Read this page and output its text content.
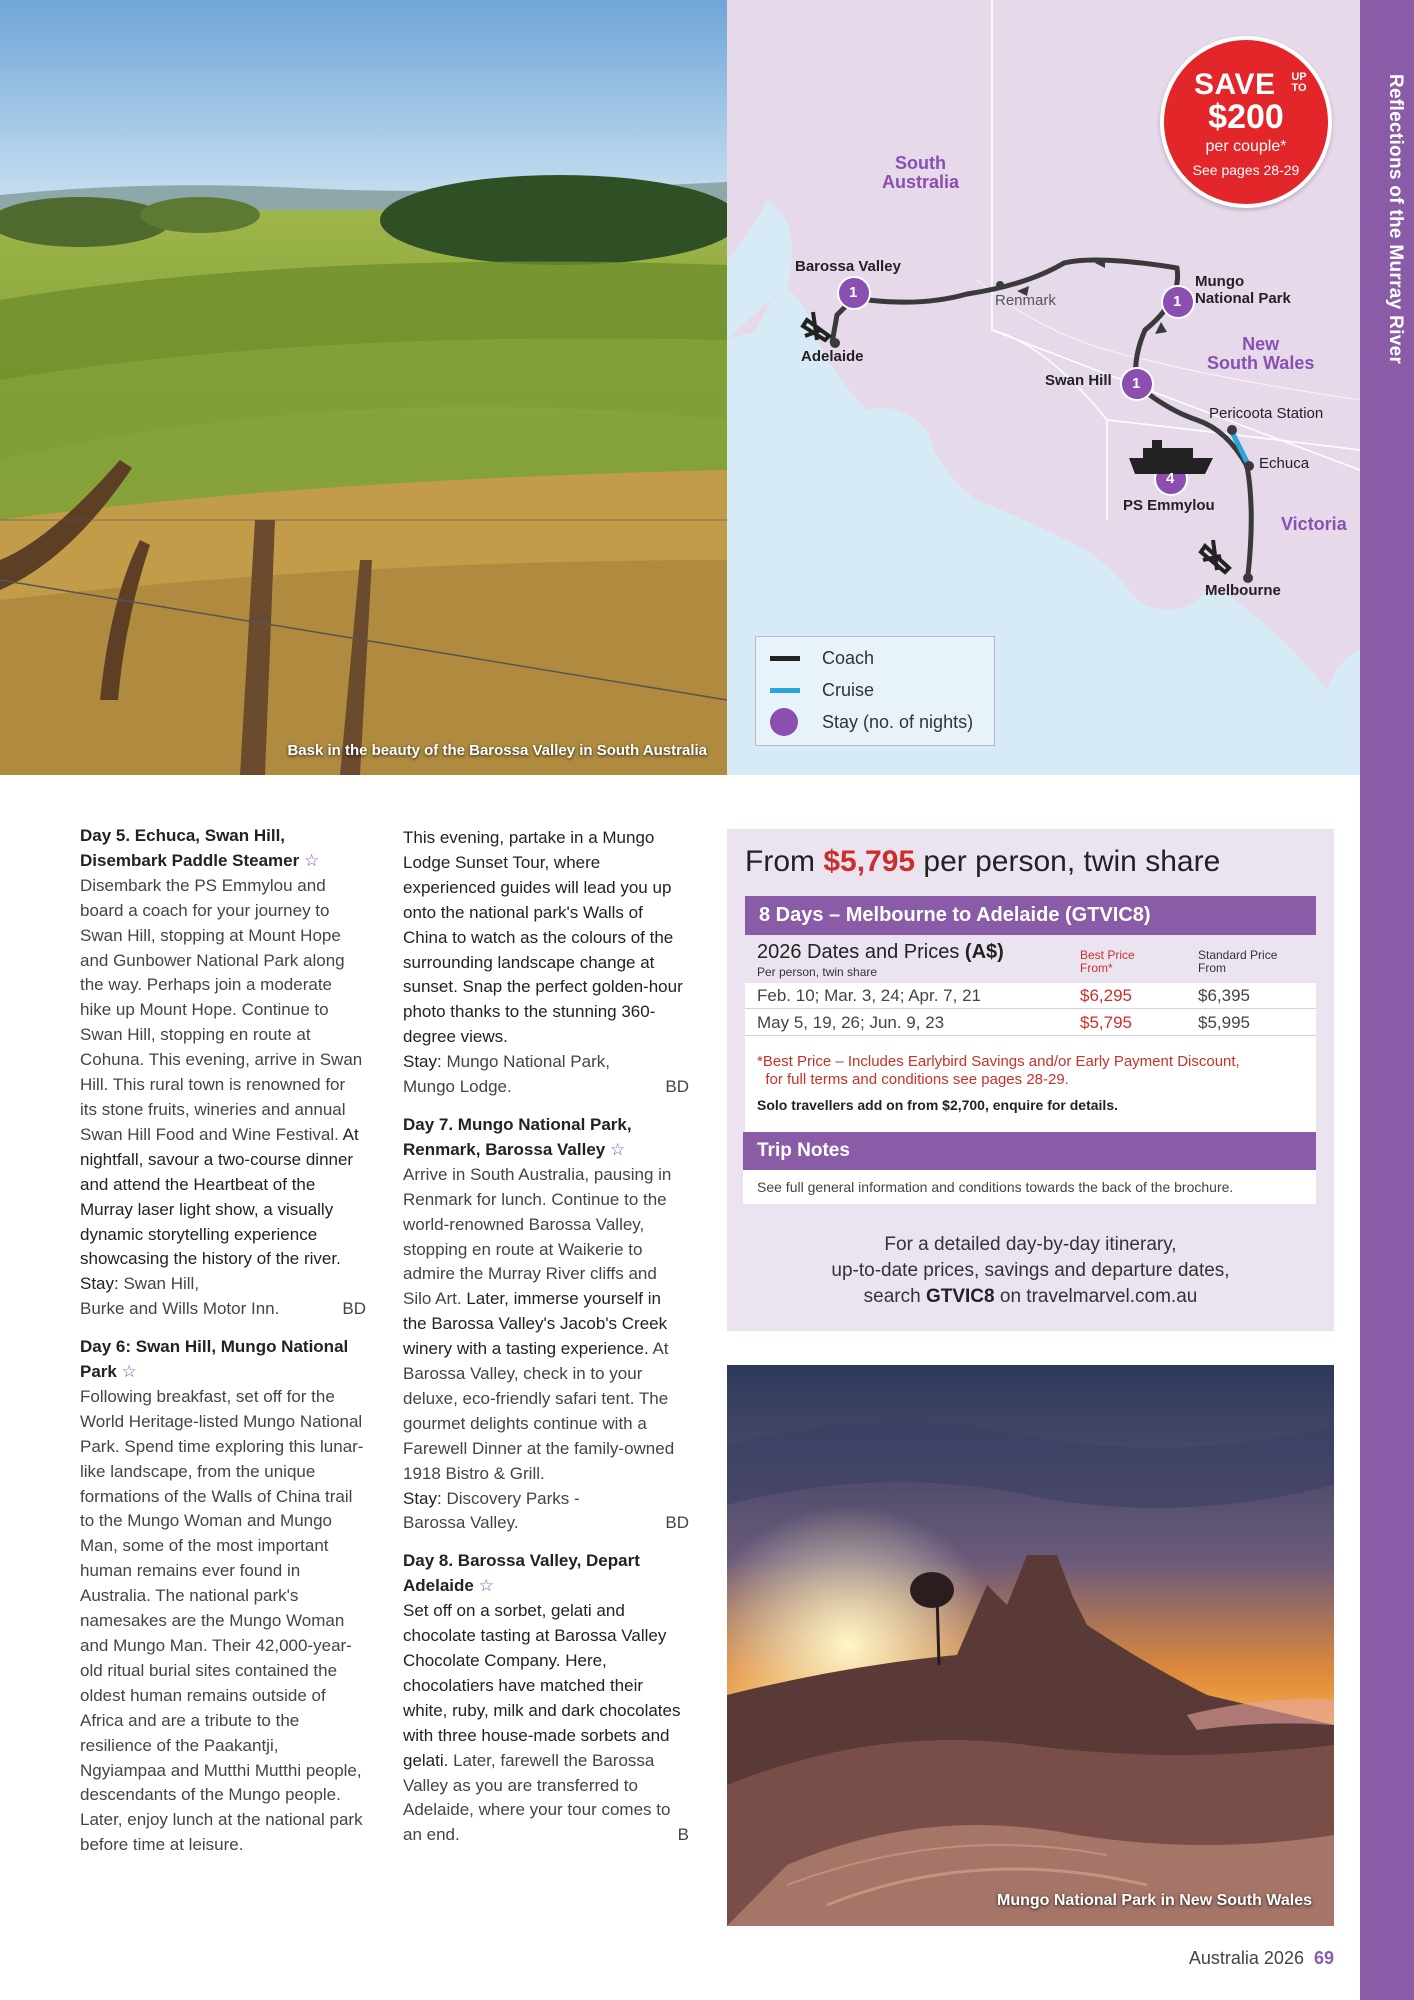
Bask in the beauty of the Barossa Valley in South Australia
South
Australia
New
South Wales
Victoria
Barossa Valley
Adelaide
Renmark
Mungo
National Park
Swan Hill
Pericoota Station
Echuca
PS Emmylou
Melbourne
1
1
1
4
SAVE UP TO
$200
per couple*
See pages 28-29
Coach
Cruise
Stay (no. of nights)
Reflections of the Murray River
Day 5. Echuca, Swan Hill, Disembark Paddle Steamer ☆
Disembark the PS Emmylou and board a coach for your journey to Swan Hill, stopping at Mount Hope and Gunbower National Park along the way. Perhaps join a moderate hike up Mount Hope. Continue to Swan Hill, stopping en route at Cohuna. This evening, arrive in Swan Hill. This rural town is renowned for its stone fruits, wineries and annual Swan Hill Food and Wine Festival. At nightfall, savour a two-course dinner and attend the Heartbeat of the Murray laser light show, a visually dynamic storytelling experience showcasing the history of the river.
Stay: Swan Hill,
Burke and Wills Motor Inn.	BD
Day 6: Swan Hill, Mungo National Park ☆
Following breakfast, set off for the World Heritage-listed Mungo National Park. Spend time exploring this lunar-like landscape, from the unique formations of the Walls of China trail to the Mungo Woman and Mungo Man, some of the most important human remains ever found in Australia. The national park's namesakes are the Mungo Woman and Mungo Man. Their 42,000-year-old ritual burial sites contained the oldest human remains outside of Africa and are a tribute to the resilience of the Paakantji, Ngyiampaa and Mutthi Mutthi people, descendants of the Mungo people. Later, enjoy lunch at the national park before time at leisure.
This evening, partake in a Mungo Lodge Sunset Tour, where experienced guides will lead you up onto the national park's Walls of China to watch as the colours of the surrounding landscape change at sunset. Snap the perfect golden-hour photo thanks to the stunning 360-degree views.
Stay: Mungo National Park,
Mungo Lodge.	BD
Day 7. Mungo National Park, Renmark, Barossa Valley ☆
Arrive in South Australia, pausing in Renmark for lunch. Continue to the world-renowned Barossa Valley, stopping en route at Waikerie to admire the Murray River cliffs and Silo Art. Later, immerse yourself in the Barossa Valley's Jacob's Creek winery with a tasting experience. At Barossa Valley, check in to your deluxe, eco-friendly safari tent. The gourmet delights continue with a Farewell Dinner at the family-owned 1918 Bistro & Grill.
Stay: Discovery Parks -
Barossa Valley.	BD
Day 8. Barossa Valley, Depart Adelaide ☆
Set off on a sorbet, gelati and chocolate tasting at Barossa Valley Chocolate Company. Here, chocolatiers have matched their white, ruby, milk and dark chocolates with three house-made sorbets and gelati. Later, farewell the Barossa Valley as you are transferred to Adelaide, where your tour comes to an end.	B
From $5,795 per person, twin share
8 Days – Melbourne to Adelaide (GTVIC8)
2026 Dates and Prices (A$)
Per person, twin share
Best Price
From*
Standard Price
From
Feb. 10; Mar. 3, 24; Apr. 7, 21	$6,295	$6,395
May 5, 19, 26; Jun. 9, 23	$5,795	$5,995
*Best Price – Includes Earlybird Savings and/or Early Payment Discount,
for full terms and conditions see pages 28-29.
Solo travellers add on from $2,700, enquire for details.
Trip Notes
See full general information and conditions towards the back of the brochure.
For a detailed day-by-day itinerary,
up-to-date prices, savings and departure dates,
search GTVIC8 on travelmarvel.com.au
Mungo National Park in New South Wales
Australia 2026 69
